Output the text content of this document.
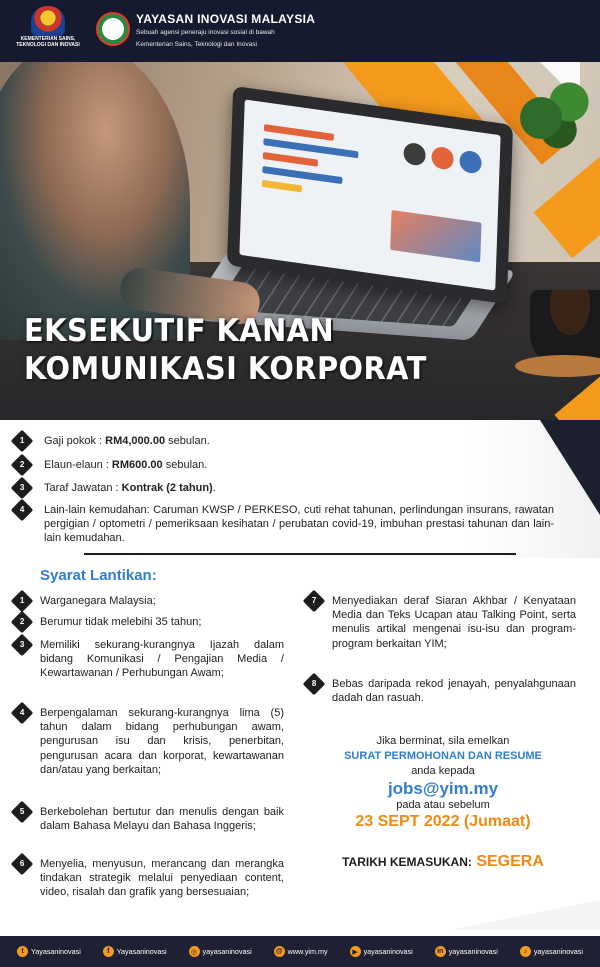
KEMENTERIAN SAINS,
TEKNOLOGI DAN INOVASI
YAYASAN INOVASI MALAYSIA
Sebuah agensi peneraju inovasi sosial di bawah
Kementerian Sains, Teknologi dan Inovasi
EKSEKUTIF KANAN
KOMUNIKASI KORPORAT
1 Gaji pokok : RM4,000.00 sebulan.
2 Elaun-elaun : RM600.00 sebulan.
3 Taraf Jawatan : Kontrak (2 tahun).
4 Lain-lain kemudahan: Caruman KWSP / PERKESO, cuti rehat tahunan, perlindungan insurans, rawatan pergigian / optometri / pemeriksaan kesihatan / perubatan covid-19, imbuhan prestasi tahunan dan lain-lain kemudahan.
Syarat Lantikan:
1 Warganegara Malaysia;
2 Berumur tidak melebihi 35 tahun;
3 Memiliki sekurang-kurangnya Ijazah dalam bidang Komunikasi / Pengajian Media / Kewartawanan / Perhubungan Awam;
4 Berpengalaman sekurang-kurangnya lima (5) tahun dalam bidang perhubungan awam, pengurusan isu dan krisis, penerbitan, pengurusan acara dan korporat, kewartawanan dan/atau yang berkaitan;
5 Berkebolehan bertutur dan menulis dengan baik dalam Bahasa Melayu dan Bahasa Inggeris;
6 Menyelia, menyusun, merancang dan merangka tindakan strategik melalui penyediaan content, video, risalah dan grafik yang bersesuaian;
7 Menyediakan deraf Siaran Akhbar / Kenyataan Media dan Teks Ucapan atau Talking Point, serta menulis artikal mengenai isu-isu dan program-program berkaitan YIM;
8 Bebas daripada rekod jenayah, penyalahgunaan dadah dan rasuah.
Jika berminat, sila emelkan
SURAT PERMOHONAN DAN RESUME
anda kepada
jobs@yim.my
pada atau sebelum
23 SEPT 2022 (Jumaat)
TARIKH KEMASUKAN: SEGERA
t	Yayasaninovasi	f	Yayasaninovasi	◎ yayasaninovasi	@ www.yim.my	▶ yayasaninovasi	in yayasaninovasi	♪ yayasaninovasi
